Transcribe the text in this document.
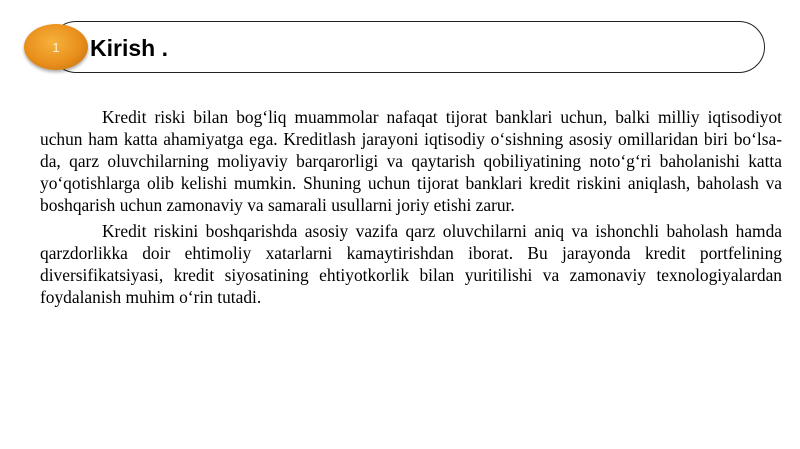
1	Kirish .

Kredit riski bilan bog‘liq muammolar nafaqat tijorat banklari uchun, balki milliy iqtisodiyot uchun ham katta ahamiyatga ega. Kreditlash jarayoni iqtisodiy o‘sishning asosiy omillaridan biri bo‘lsa-da, qarz oluvchilarning moliyaviy barqarorligi va qaytarish qobiliyatining noto‘g‘ri baholanishi katta yo‘qotishlarga olib kelishi mumkin. Shuning uchun tijorat banklari kredit riskini aniqlash, baholash va boshqarish uchun zamonaviy va samarali usullarni joriy etishi zarur.

Kredit riskini boshqarishda asosiy vazifa qarz oluvchilarni aniq va ishonchli baholash hamda qarzdorlikka doir ehtimoliy xatarlarni kamaytirishdan iborat. Bu jarayonda kredit portfelining diversifikatsiyasi, kredit siyosatining ehtiyotkorlik bilan yuritilishi va zamonaviy texnologiyalardan foydalanish muhim o‘rin tutadi.
